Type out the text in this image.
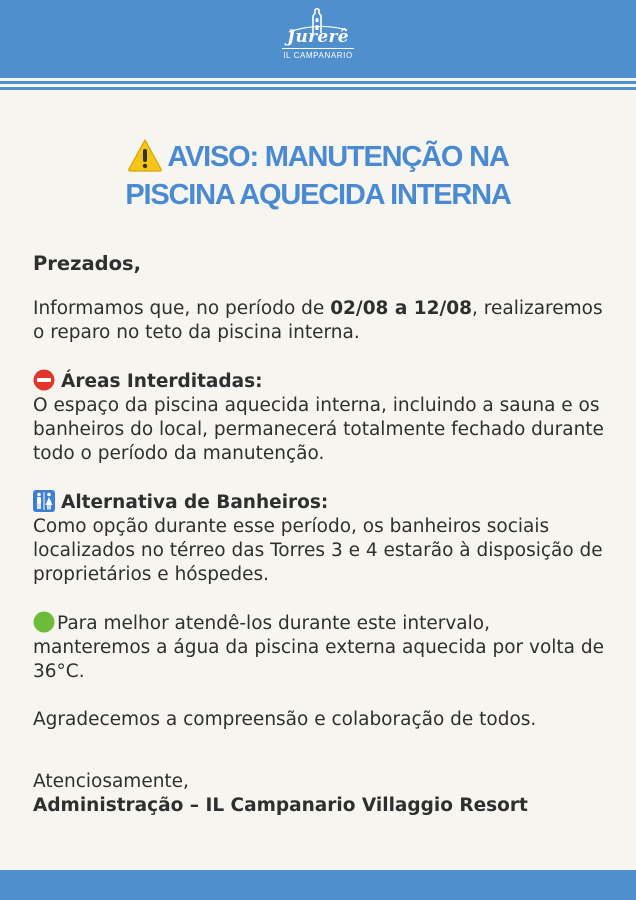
Jurerê
IL CAMPANARIO
AVISO: MANUTENÇÃO NA
PISCINA AQUECIDA INTERNA

Prezados,

Informamos que, no período de 02/08 a 12/08, realizaremos o reparo no teto da piscina interna.

Áreas Interditadas:
O espaço da piscina aquecida interna, incluindo a sauna e os banheiros do local, permanecerá totalmente fechado durante todo o período da manutenção.

Alternativa de Banheiros:
Como opção durante esse período, os banheiros sociais localizados no térreo das Torres 3 e 4 estarão à disposição de proprietários e hóspedes.

Para melhor atendê-los durante este intervalo, manteremos a água da piscina externa aquecida por volta de 36°C.

Agradecemos a compreensão e colaboração de todos.

Atenciosamente,

Administração – IL Campanario Villaggio Resort
